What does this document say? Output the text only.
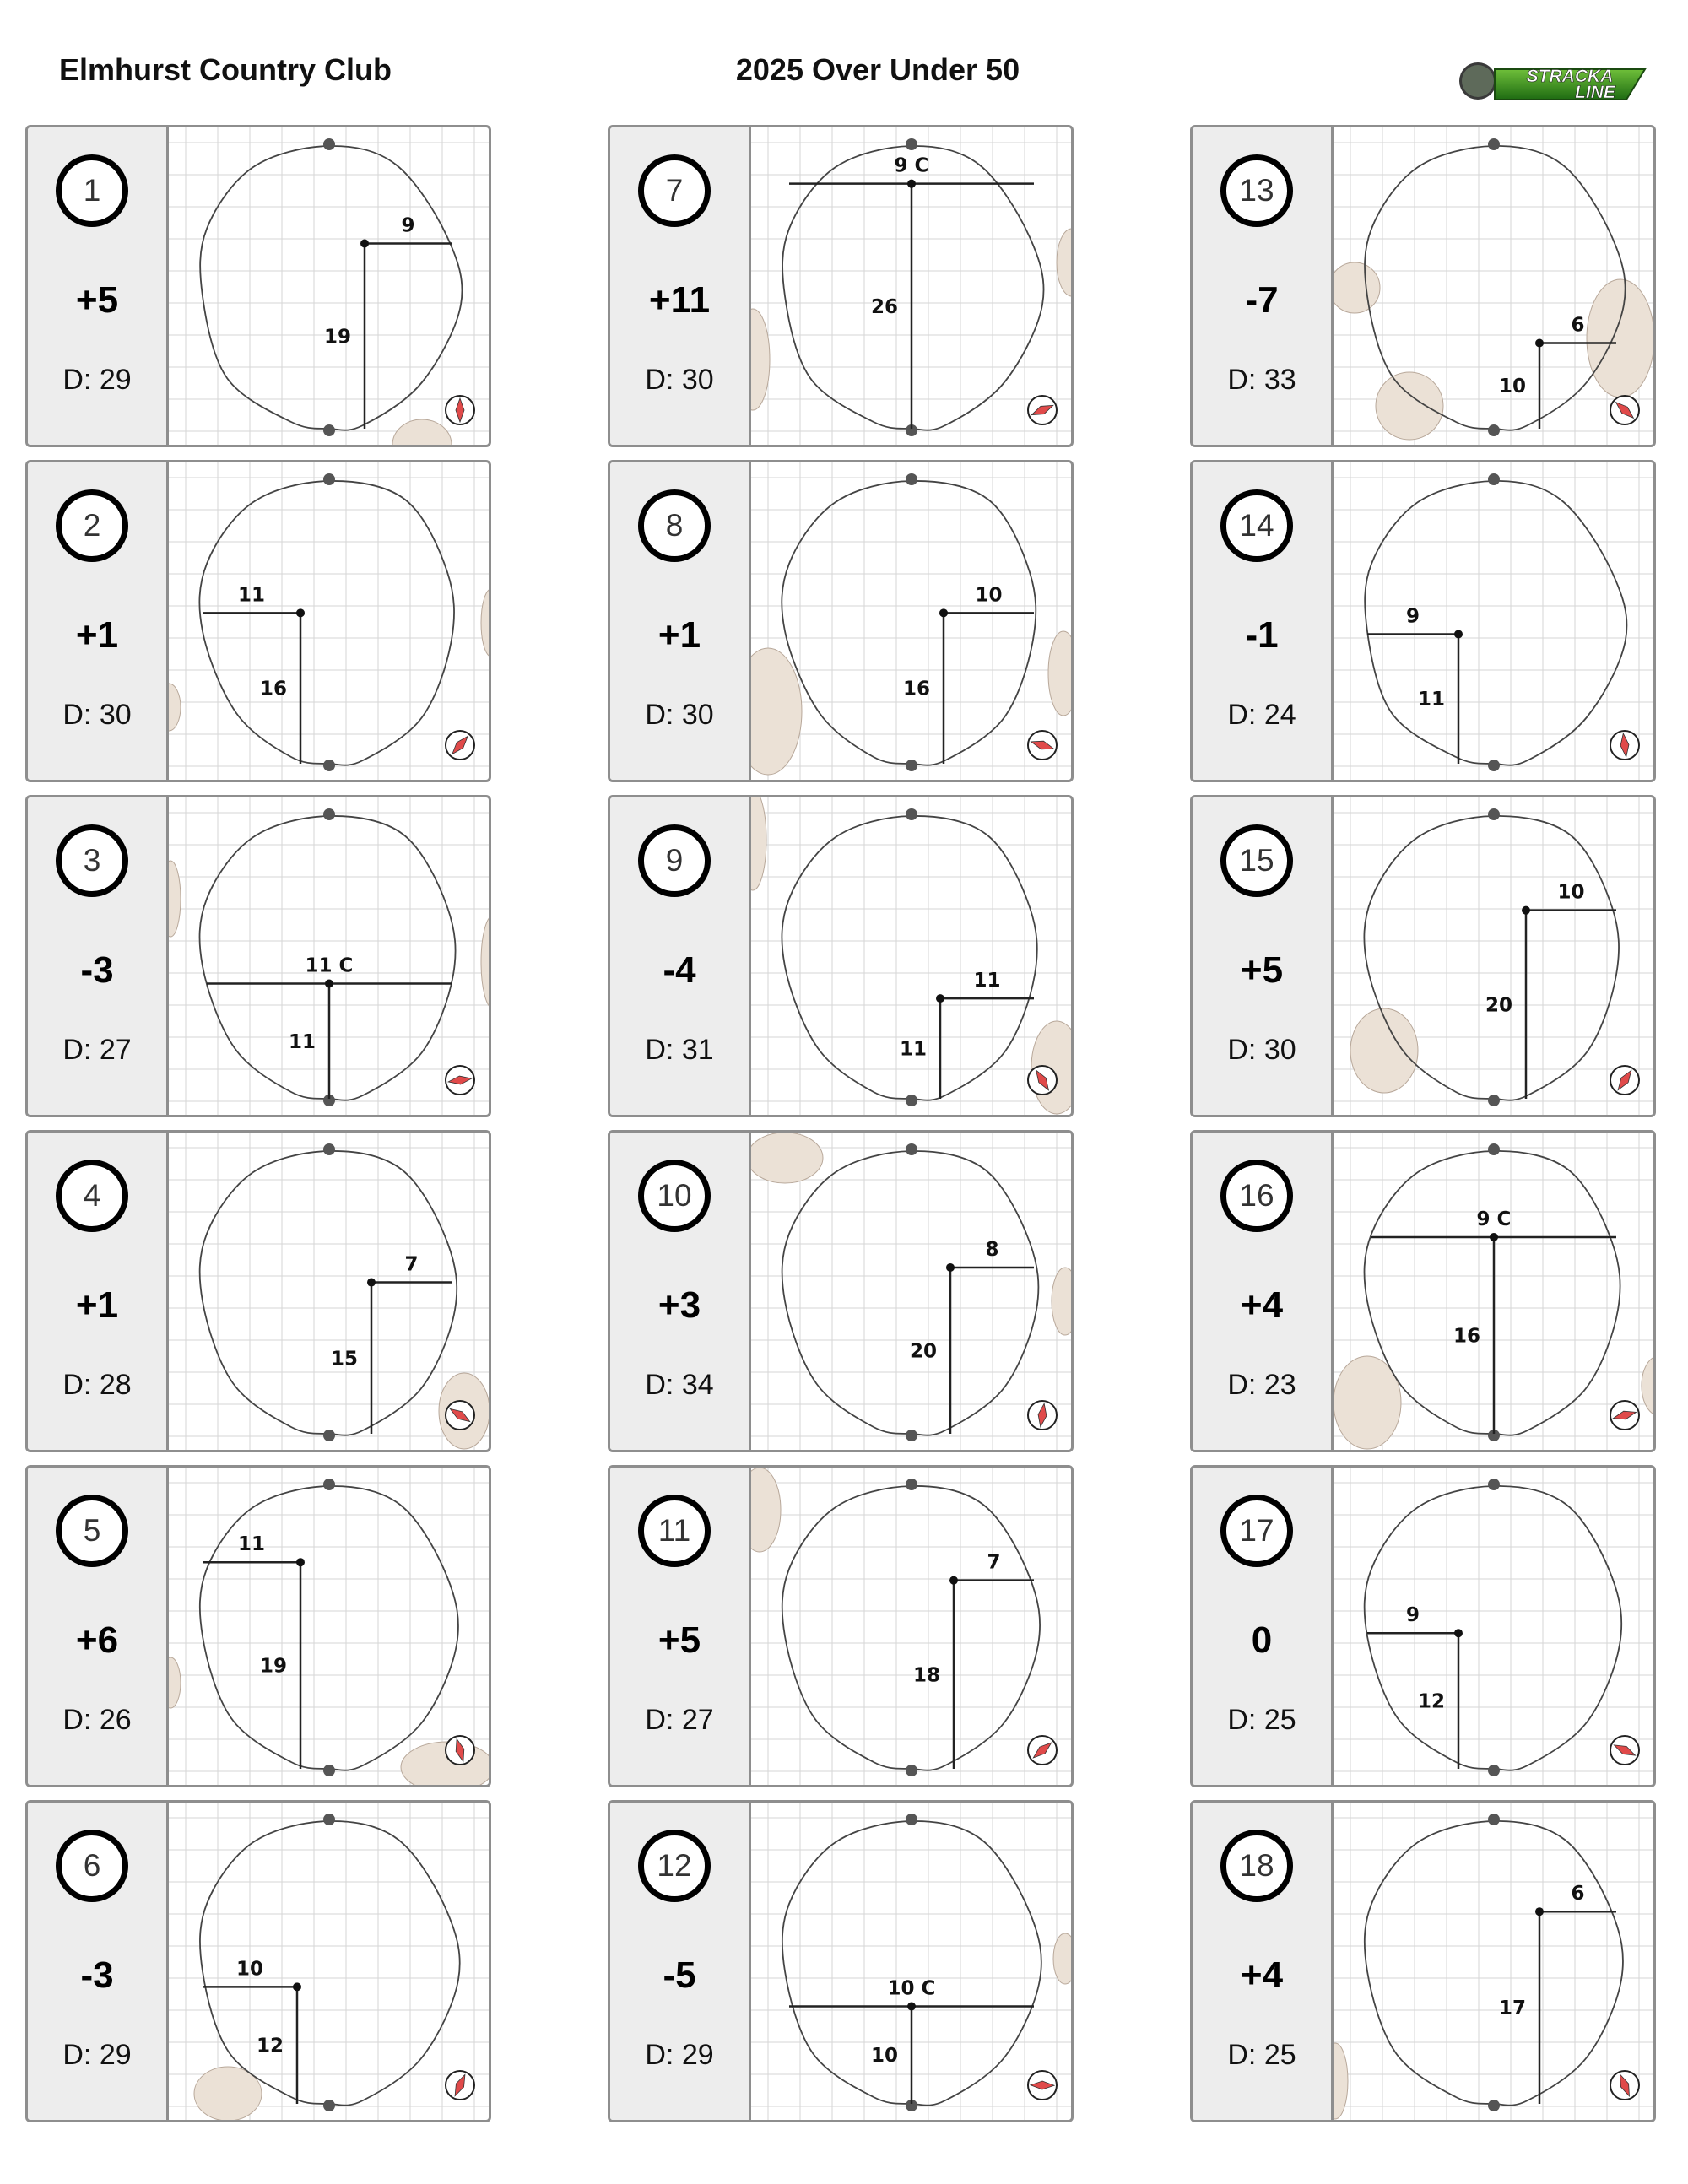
Elmhurst Country Club	2025 Over Under 50	STRACKA
LINE
1
+5
D: 29
9
19
2
+1
D: 30
11
16
3
-3
D: 27
11 C
11
4
+1
D: 28
7
15
5
+6
D: 26
11
19
6
-3
D: 29
10
12
7
+11
D: 30
9 C
26
8
+1
D: 30
10
16
9
-4
D: 31
11
11
10
+3
D: 34
8
20
11
+5
D: 27
7
18
12
-5
D: 29
10 C
10
13
-7
D: 33
6
10
14
-1
D: 24
9
11
15
+5
D: 30
10
20
16
+4
D: 23
9 C
16
17
0
D: 25
9
12
18
+4
D: 25
6
17
